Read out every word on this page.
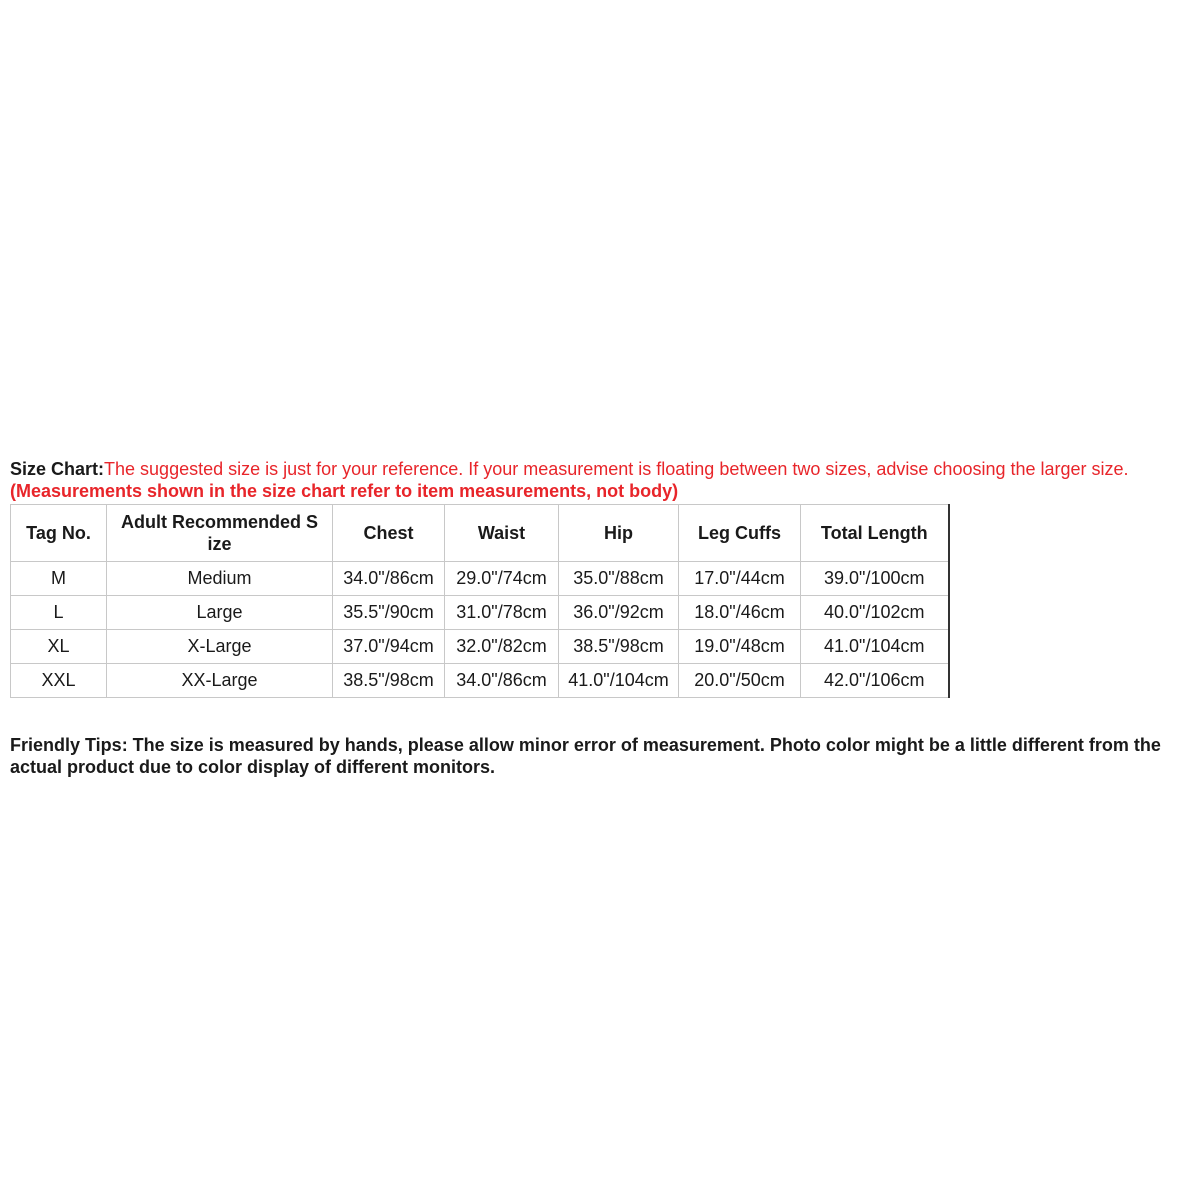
Size Chart:The suggested size is just for your reference. If your measurement is floating between two sizes, advise choosing the larger size. (Measurements shown in the size chart refer to item measurements, not body)
Tag No.	Adult Recommended S
ize	Chest	Waist	Hip	Leg Cuffs	Total Length
M	Medium	34.0"/86cm	29.0"/74cm	35.0"/88cm	17.0"/44cm	39.0"/100cm
L	Large	35.5"/90cm	31.0"/78cm	36.0"/92cm	18.0"/46cm	40.0"/102cm
XL	X-Large	37.0"/94cm	32.0"/82cm	38.5"/98cm	19.0"/48cm	41.0"/104cm
XXL	XX-Large	38.5"/98cm	34.0"/86cm	41.0"/104cm	20.0"/50cm	42.0"/106cm
Friendly Tips: The size is measured by hands, please allow minor error of measurement. Photo color might be a little different from the actual product due to color display of different monitors.
